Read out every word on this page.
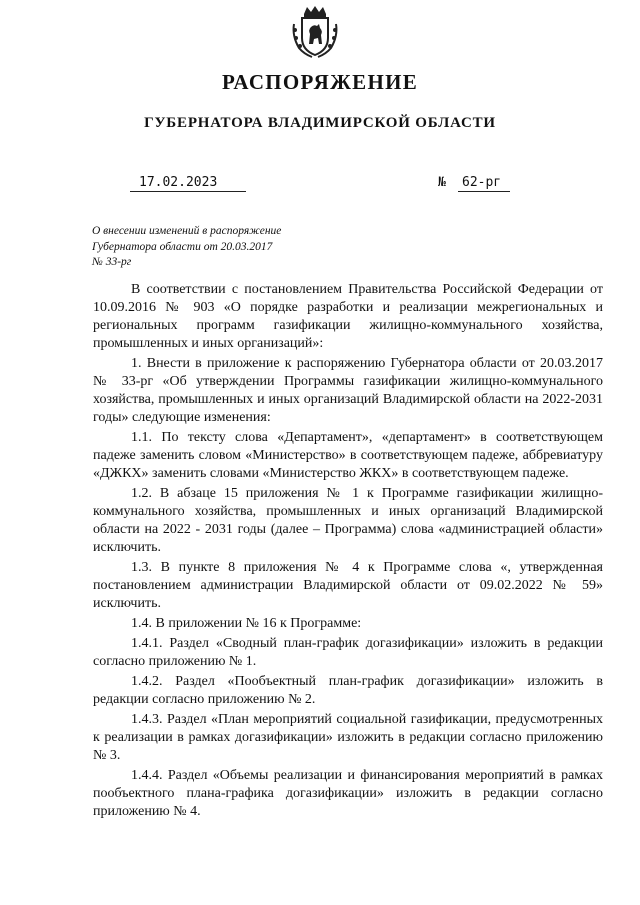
РАСПОРЯЖЕНИЕ
ГУБЕРНАТОРА ВЛАДИМИРСКОЙ ОБЛАСТИ
17.02.2023	№	62-рг
О внесении изменений в распоряжение
Губернатора области от 20.03.2017
№ 33-рг

В соответствии с постановлением Правительства Российской Федерации от 10.09.2016 № 903 «О порядке разработки и реализации межрегиональных и региональных программ газификации жилищно-коммунального хозяйства, промышленных и иных организаций»:

1. Внести в приложение к распоряжению Губернатора области от 20.03.2017 № 33-рг «Об утверждении Программы газификации жилищно-коммунального хозяйства, промышленных и иных организаций Владимирской области на 2022-2031 годы» следующие изменения:

1.1. По тексту слова «Департамент», «департамент» в соответствующем падеже заменить словом «Министерство» в соответствующем падеже, аббревиатуру «ДЖКХ» заменить словами «Министерство ЖКХ» в соответствующем падеже.

1.2. В абзаце 15 приложения № 1 к Программе газификации жилищно-коммунального хозяйства, промышленных и иных организаций Владимирской области на 2022 - 2031 годы (далее – Программа) слова «администрацией области» исключить.

1.3. В пункте 8 приложения № 4 к Программе слова «, утвержденная постановлением администрации Владимирской области от 09.02.2022 № 59» исключить.

1.4. В приложении № 16 к Программе:

1.4.1. Раздел «Сводный план-график догазификации» изложить в редакции согласно приложению № 1.

1.4.2. Раздел «Пообъектный план-график догазификации» изложить в редакции согласно приложению № 2.

1.4.3. Раздел «План мероприятий социальной газификации, предусмотренных к реализации в рамках догазификации» изложить в редакции согласно приложению № 3.

1.4.4. Раздел «Объемы реализации и финансирования мероприятий в рамках пообъектного плана-графика догазификации» изложить в редакции согласно приложению № 4.
